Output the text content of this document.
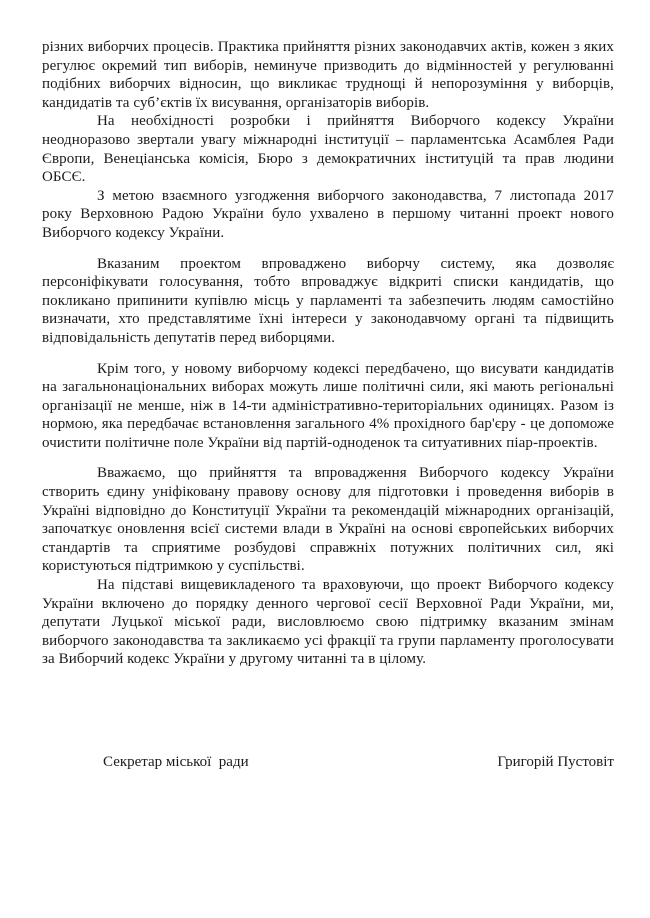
різних виборчих процесів. Практика прийняття різних законодавчих актів, кожен з яких регулює окремий тип виборів, неминуче призводить до відмінностей у регулюванні подібних виборчих відносин, що викликає труднощі й непорозуміння у виборців, кандидатів та суб’єктів їх висування, організаторів виборів.

На необхідності розробки і прийняття Виборчого кодексу України неодноразово звертали увагу міжнародні інституції – парламентська Асамблея Ради Європи, Венеціанська комісія, Бюро з демократичних інституцій та прав людини ОБСЄ.

З метою взаємного узгодження виборчого законодавства, 7 листопада 2017 року Верховною Радою України було ухвалено в першому читанні проект нового Виборчого кодексу України.

Вказаним проектом впроваджено виборчу систему, яка дозволяє персоніфікувати голосування, тобто впроваджує відкриті списки кандидатів, що покликано припинити купівлю місць у парламенті та забезпечить людям самостійно визначати, хто представлятиме їхні інтереси у законодавчому органі та підвищить відповідальність депутатів перед виборцями.

Крім того, у новому виборчому кодексі передбачено, що висувати кандидатів на загальнонаціональних виборах можуть лише політичні сили, які мають регіональні організації не менше, ніж в 14-ти адміністративно-територіальних одиницях. Разом із нормою, яка передбачає встановлення загального 4% прохідного бар'єру - це допоможе очистити політичне поле України від партій-одноденок та ситуативних піар-проектів.

Вважаємо, що прийняття та впровадження Виборчого кодексу України створить єдину уніфіковану правову основу для підготовки і проведення виборів в Україні відповідно до Конституції України та рекомендацій міжнародних організацій, започаткує оновлення всієї системи влади в Україні на основі європейських виборчих стандартів та сприятиме розбудові справжніх потужних політичних сил, які користуються підтримкою у суспільстві.

На підставі вищевикладеного та враховуючи, що проект Виборчого кодексу України включено до порядку денного чергової сесії Верховної Ради України, ми, депутати Луцької міської ради, висловлюємо свою підтримку вказаним змінам виборчого законодавства та закликаємо усі фракції та групи парламенту проголосувати за Виборчий кодекс України у другому читанні та в цілому.

Секретар міської  ради	Григорій Пустовіт
